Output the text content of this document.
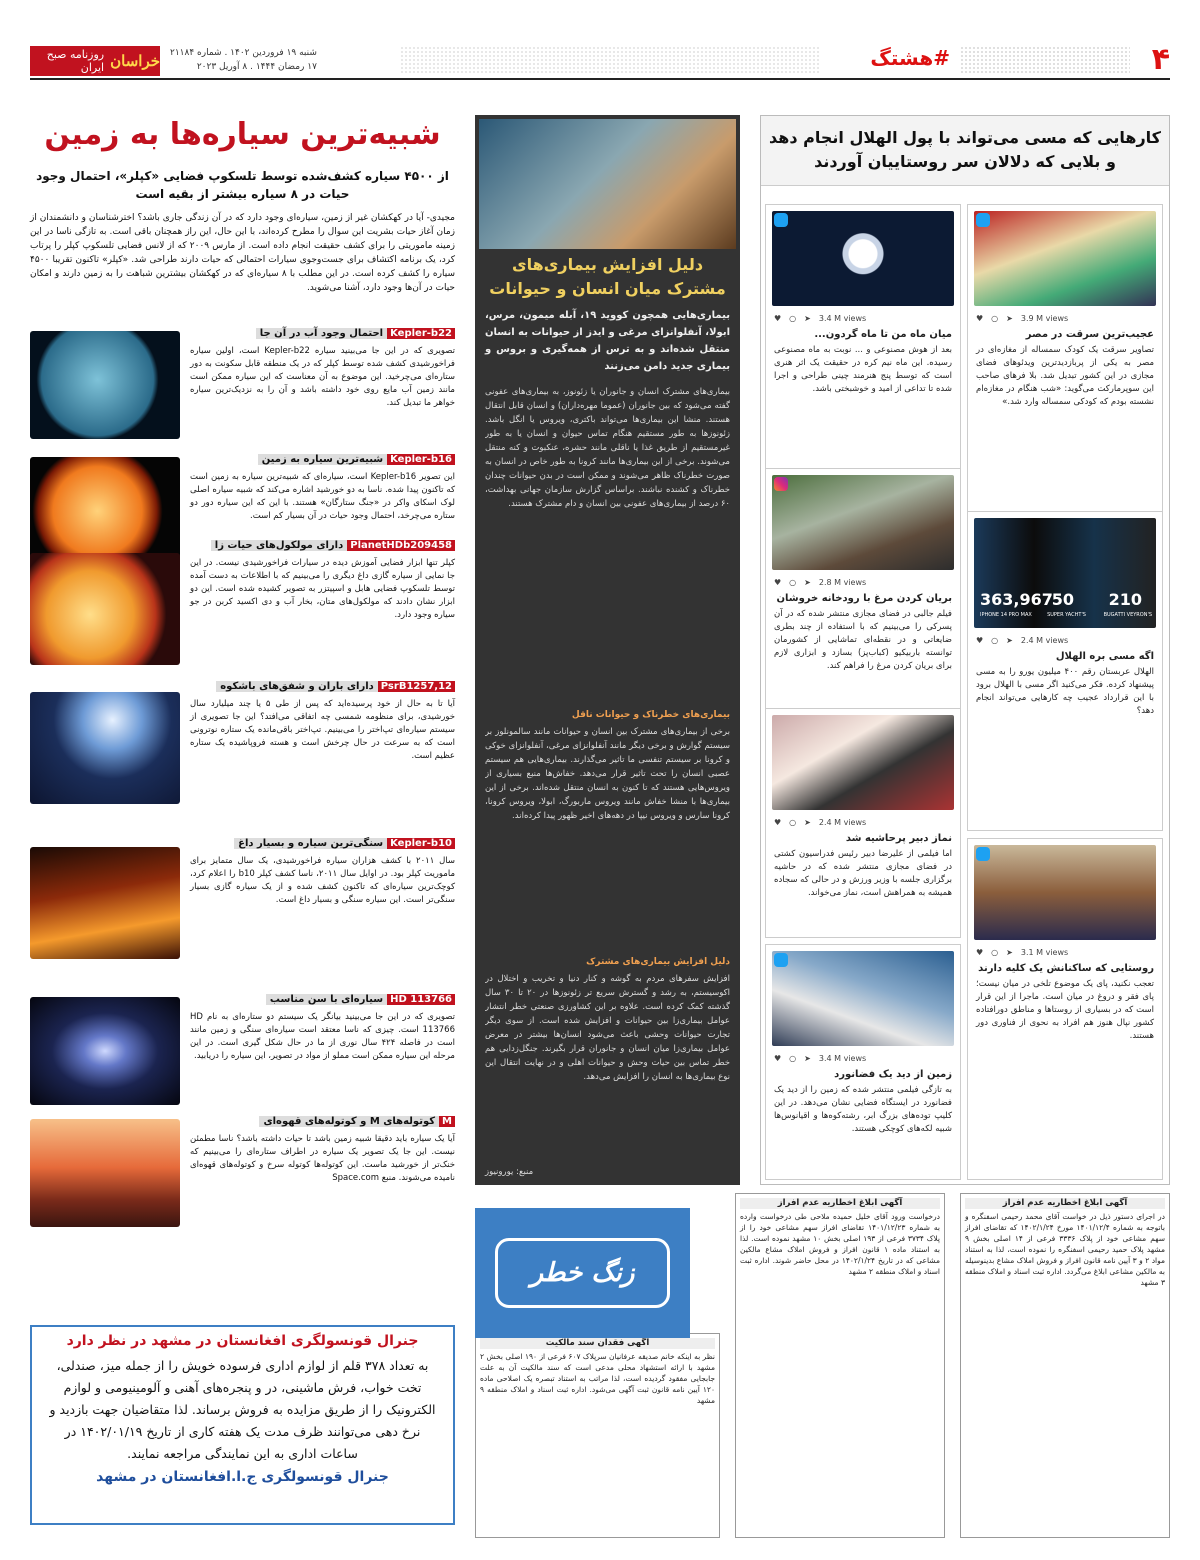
۴
#هشتگ
خراسان
روزنامه صبح ایران
شنبه ۱۹ فروردین ۱۴۰۲ . شماره ۲۱۱۸۴
۱۷ رمضان ۱۴۴۴ . ۸ آوریل ۲۰۲۳
کارهایی که مسی می‌تواند با پول الهلال انجام دهد
و بلایی که دلالان سر روستاییان آوردند
♥ ○ ➤ 3.9 M views
عجیب‌ترین سرقت در مصر
تصاویر سرقت یک کودک سمساله از مغازه‌ای در مصر به یکی از پربازدیدترین ویدئوهای فضای مجازی در این کشور تبدیل شد. بلا فرهای صاحب این سوپرمارکت می‌گوید: «شب هنگام در مغازه‌ام نشسته بودم که کودکی سمساله وارد شد.»
210
50
363,967
BUGATTI VEYRON'S
SUPER YACHT'S
IPHONE 14 PRO MAX
♥ ○ ➤ 2.4 M views
اگه مسی بره الهلال
الهلال عربستان رقم ۴۰۰ میلیون یورو را به مسی پیشنهاد کرده. فکر می‌کنید اگر مسی با الهلال برود با این قرارداد عجیب چه کارهایی می‌تواند انجام دهد؟
♥ ○ ➤ 3.1 M views
روستایی که ساکنانش یک کلیه دارند
تعجب نکنید، پای یک موضوع تلخی در میان نیست؛ پای فقر و دروغ در میان است. ماجرا از این قرار است که در بسیاری از روستاها و مناطق دورافتاده کشور نپال هنوز هم افراد به نحوی از فناوری دور هستند.
♥ ○ ➤ 3.4 M views
میان ماه من تا ماه گردون...
بعد از هوش مصنوعی و ... نوبت به ماه مصنوعی رسیده. این ماه نیم کره در حقیقت یک اثر هنری است که توسط پنج هنرمند چینی طراحی و اجرا شده تا تداعی از امید و خوشبختی باشد.
♥ ○ ➤ 2.8 M views
بریان کردن مرغ با رودخانه خروشان
فیلم جالبی در فضای مجازی منتشر شده که در آن پسرکی را می‌بینیم که با استفاده از چند بطری ضایعاتی و در نقطه‌ای تماشایی از کشورمان توانسته باربیکیو (کباب‌پز) بسازد و ابزاری لازم برای بریان کردن مرغ را فراهم کند.
♥ ○ ➤ 2.4 M views
نماز دبیر پرحاشیه شد
اما فیلمی از علیرضا دبیر رئیس فدراسیون کشتی در فضای مجازی منتشر شده که در حاشیه برگزاری جلسه با وزیر ورزش و در حالی که سجاده همیشه به همراهش است، نماز می‌خواند.
♥ ○ ➤ 3.4 M views
زمین از دید یک فضانورد
به تازگی فیلمی منتشر شده که زمین را از دید یک فضانورد در ایستگاه فضایی نشان می‌دهد. در این کلیپ توده‌های بزرگ ابر، رشته‌کوه‌ها و اقیانوس‌ها شبیه لکه‌های کوچکی هستند.
دلیل افزایش بیماری‌های مشترک میان انسان و حیوانات
بیماری‌هایی همچون کووید ۱۹، آبله میمون، مرس، ابولا، آنفلوانزای مرغی و ایدز از حیوانات به انسان منتقل شده‌اند و به ترس از همه‌گیری و بروس و بیماری جدید دامن می‌زنند
بیماری‌های مشترک انسان و جانوران یا زئونوز، به بیماری‌های عفونی گفته می‌شود که بین جانوران (عموما مهره‌داران) و انسان قابل انتقال هستند. منشا این بیماری‌ها می‌تواند باکتری، ویروس یا انگل باشد. زئونوزها به طور مستقیم هنگام تماس حیوان و انسان یا به طور غیرمستقیم از طریق غذا یا ناقلی مانند حشره، عنکبوت و کنه منتقل می‌شوند. برخی از این بیماری‌ها مانند کرونا به طور خاص در انسان به صورت خطرناک ظاهر می‌شوند و ممکن است در بدن حیوانات چندان خطرناک و کشنده نباشند. براساس گزارش سازمان جهانی بهداشت، ۶۰ درصد از بیماری‌های عفونی بین انسان و دام مشترک هستند.
بیماری‌های خطرناک و حیوانات ناقل
برخی از بیماری‌های مشترک بین انسان و حیوانات مانند سالمونلوز بر سیستم گوارش و برخی دیگر مانند آنفلوانزای مرغی، آنفلوانزای خوکی و کرونا بر سیستم تنفسی ما تاثیر می‌گذارند. بیماری‌هایی هم سیستم عصبی انسان را تحت تاثیر قرار می‌دهد. خفاش‌ها منبع بسیاری از ویروس‌هایی هستند که تا کنون به انسان منتقل شده‌اند. برخی از این بیماری‌ها با منشا خفاش مانند ویروس ماربورگ، ابولا، ویروس کرونا، کرونا سارس و ویروس نیپا در دهه‌های اخیر ظهور پیدا کرده‌اند.
دلیل افزایش بیماری‌های مشترک
افزایش سفرهای مردم به گوشه و کنار دنیا و تخریب و اختلال در اکوسیستم، به رشد و گسترش سریع تر زئونوزها در ۲۰ تا ۳۰ سال گذشته کمک کرده است. علاوه بر این کشاورزی صنعتی خطر انتشار عوامل بیماری‌زا بین حیوانات و افزایش شده است. از سوی دیگر تجارت حیوانات وحشی باعث می‌شود انسان‌ها بیشتر در معرض عوامل بیماری‌زا میان انسان و جانوران قرار بگیرند. جنگل‌زدایی هم خطر تماس بین حیات وحش و حیوانات اهلی و در نهایت انتقال این نوع بیماری‌ها به انسان را افزایش می‌دهد.
منبع: یورونیوز
شبیه‌ترین سیاره‌ها به زمین
از ۴۵۰۰ سیاره کشف‌شده توسط تلسکوپ فضایی «کپلر»، احتمال وجود حیات در ۸ سیاره بیشتر از بقیه است
مجیدی- آیا در کهکشان غیر از زمین، سیاره‌ای وجود دارد که در آن زندگی جاری باشد؟ اخترشناسان و دانشمندان از زمان آغاز حیات بشریت این سوال را مطرح کرده‌اند، با این حال، این راز همچنان باقی است. به تازگی ناسا در این زمینه ماموریتی را برای کشف حقیقت انجام داده است. از مارس ۲۰۰۹ که از لانس فضایی تلسکوپ کپلر را پرتاب کرد، یک برنامه اکتشاف برای جست‌وجوی سیارات احتمالی که حیات دارند طراحی شد. «کپلر» تاکنون تقریبا ۴۵۰۰ سیاره را کشف کرده است. در این مطلب با ۸ سیاره‌ای که در کهکشان بیشترین شباهت را به زمین دارند و امکان حیات در آن‌ها وجود دارد، آشنا می‌شوید.
Kepler-b22احتمال وجود آب در آن جا
تصویری که در این جا می‌بینید سیاره Kepler-b22 است، اولین سیاره فراخورشیدی کشف شده توسط کپلر که در یک منطقه قابل سکونت به دور ستاره‌ای می‌چرخید. این موضوع به آن معناست که این سیاره ممکن است مانند زمین آب مایع روی خود داشته باشد و آن را به نزدیک‌ترین سیاره خواهر ما تبدیل کند.
Kepler-b16شبیه‌ترین سیاره به زمین
این تصویر Kepler-b16 است، سیاره‌ای که شبیه‌ترین سیاره به زمین است که تاکنون پیدا شده. ناسا به دو خورشید اشاره می‌کند که شبیه سیاره اصلی لوک اسکای واکر در «جنگ ستارگان» هستند. با این که این سیاره دور دو ستاره می‌چرخد، احتمال وجود حیات در آن بسیار کم است.
PlanetHDb209458دارای مولکول‌های حیات زا
کپلر تنها ابزار فضایی آموزش دیده در سیارات فراخورشیدی نیست. در این جا نمایی از سیاره گازی داغ دیگری را می‌بینیم که با اطلاعات به دست آمده توسط تلسکوپ فضایی هابل و اسپیتزر به تصویر کشیده شده است. این دو ابزار نشان دادند که مولکول‌های متان، بخار آب و دی اکسید کربن در جو سیاره وجود دارد.
PsrB1257,12دارای باران و شفق‌های باشکوه
آیا تا به حال از خود پرسیده‌اید که پس از طی ۵ یا چند میلیارد سال خورشیدی، برای منظومه شمسی چه اتفاقی می‌افتد؟ این جا تصویری از سیستم سیاره‌ای تپ‌اختر را می‌بینیم. تپ‌اختر باقی‌مانده یک ستاره نوترونی است که به سرعت در حال چرخش است و هسته فروپاشیده یک ستاره عظیم است.
Kepler-b10سنگی‌ترین سیاره و بسیار داغ
سال ۲۰۱۱ با کشف هزاران سیاره فراخورشیدی، یک سال متمایز برای ماموریت کپلر بود. در اوایل سال ۲۰۱۱، ناسا کشف کپلر b10 را اعلام کرد، کوچک‌ترین سیاره‌ای که تاکنون کشف شده و از یک سیاره گازی بسیار سنگی‌تر است. این سیاره سنگی و بسیار داغ است.
HD 113766سیاره‌ای با سن مناسب
تصویری که در این جا می‌بینید بیانگر یک سیستم دو ستاره‌ای به نام HD 113766 است. چیزی که ناسا معتقد است سیاره‌ای سنگی و زمین مانند است در فاصله ۴۲۴ سال نوری از ما در حال شکل گیری است. در این مرحله این سیاره ممکن است مملو از مواد در تصویر، این سیاره را دریابید.
Mکوتوله‌های M و کوتوله‌های قهوه‌ای
آیا یک سیاره باید دقیقا شبیه زمین باشد تا حیات داشته باشد؟ ناسا مطمئن نیست. این جا یک تصویر یک سیاره در اطراف ستاره‌ای را می‌بینیم که خنک‌تر از خورشید ماست. این کوتوله‌ها کوتوله سرخ و کوتوله‌های قهوه‌ای نامیده می‌شوند. منبع Space.com
جنرال قونسولگری افغانستان در مشهد در نظر دارد
به تعداد ۳۷۸ قلم از لوازم اداری فرسوده خویش را از جمله میز، صندلی، تخت خواب، فرش ماشینی، در و پنجره‌های آهنی و آلومینیومی و لوازم الکترونیک را از طریق مزایده به فروش برساند. لذا متقاضیان جهت بازدید و نرخ دهی می‌توانند ظرف مدت یک هفته کاری از تاریخ ۱۴۰۲/۰۱/۱۹ در ساعات اداری به این نمایندگی مراجعه نمایند.
جنرال قونسولگری ج.ا.افغانستان در مشهد
آگهی ابلاغ اخطاریه عدم افراز
در اجرای دستور ذیل در خواست آقای محمد رحیمی اسفنگره و باتوجه به شماره ۱۴۰۱/۱۲/۴ مورخ ۱۴۰۲/۱/۲۴ که تقاضای افراز سهم مشاعی خود از پلاک ۳۳۳۶ فرعی از ۱۴ اصلی بخش ۹ مشهد پلاک حمید رحیمی اسفنگره را نموده است، لذا به استناد مواد ۲ و ۳ آیین نامه قانون افراز و فروش املاک مشاع بدینوسیله به مالکین مشاعی ابلاغ می‌گردد. اداره ثبت اسناد و املاک منطقه ۳ مشهد
آگهی ابلاغ اخطاریه عدم افراز
درخواست ورود آقای خلیل حمیده ملاحی طی درخواست وارده به شماره ۱۴۰۱/۱۲/۲۳ تقاضای افراز سهم مشاعی خود را از پلاک ۳۷۳۴ فرعی از ۱۹۳ اصلی بخش ۱۰ مشهد نموده است. لذا به استناد ماده ۱ قانون افراز و فروش املاک مشاع مالکین مشاعی که در تاریخ ۱۴۰۲/۱/۲۴ در محل حاضر شوند. اداره ثبت اسناد و املاک منطقه ۲ مشهد
آگهی فقدان سند مالکیت
نظر به اینکه خانم صدیقه عرفانیان سرپلاک ۶۰۷ فرعی از ۱۹۰ اصلی بخش ۲ مشهد با ارائه استشهاد محلی مدعی است که سند مالکیت آن به علت جابجایی مفقود گردیده است، لذا مراتب به استناد تبصره یک اصلاحی ماده ۱۲۰ آیین نامه قانون ثبت آگهی می‌شود. اداره ثبت اسناد و املاک منطقه ۹ مشهد
زنگ خطر
